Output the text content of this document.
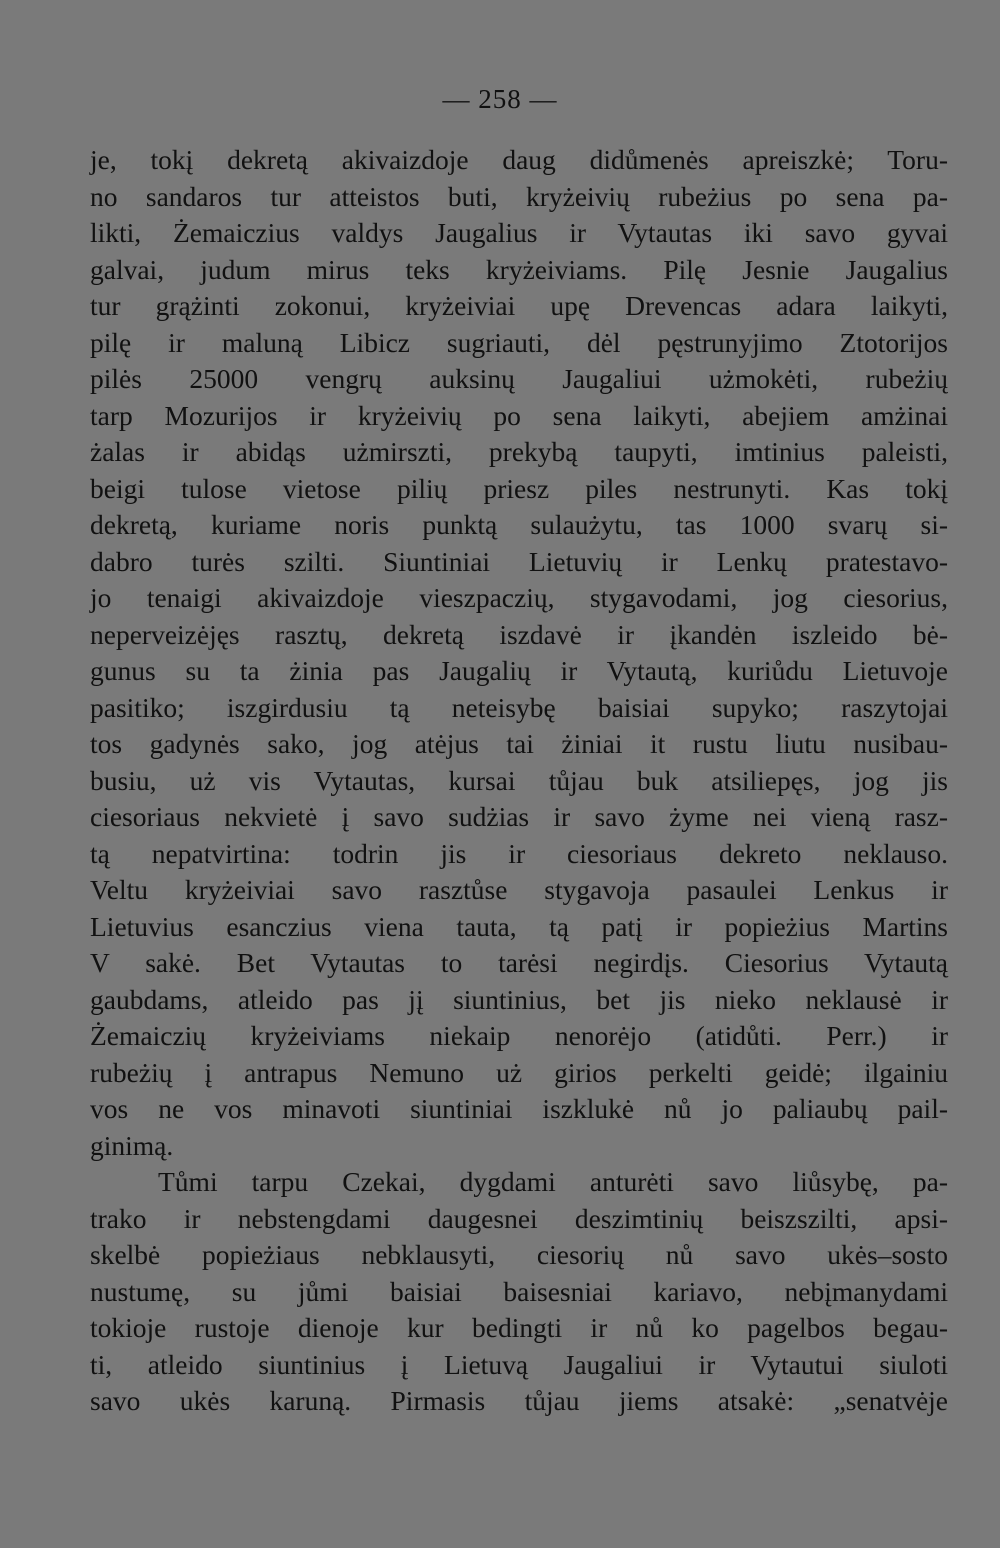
— 258 —
je, tokį dekretą akivaizdoje daug didůmenės apreiszkė; Toru-
no sandaros tur atteistos buti, kryżeivių rubeżius po sena pa-
likti, Żemaiczius valdys Jaugalius ir Vytautas iki savo gyvai
galvai, judum mirus teks kryżeiviams. Pilę Jesnie Jaugalius
tur grążinti zokonui, kryżeiviai upę Drevencas adara laikyti,
pilę ir maluną Libicz sugriauti, dėl pęstrunyjimo Ztotorijos
pilės 25000 vengrų auksinų Jaugaliui użmokėti, rubeżių
tarp Mozurijos ir kryżeivių po sena laikyti, abejiem amżinai
żalas ir abidąs użmirszti, prekybą taupyti, imtinius paleisti,
beigi tulose vietose pilių priesz piles nestrunyti. Kas tokį
dekretą, kuriame noris punktą sulaużytu, tas 1000 svarų si-
dabro turės szilti. Siuntiniai Lietuvių ir Lenkų pratestavo-
jo tenaigi akivaizdoje vieszpaczių, stygavodami, jog ciesorius,
neperveizėjęs rasztų, dekretą iszdavė ir įkandėn iszleido bė-
gunus su ta żinia pas Jaugalių ir Vytautą, kuriůdu Lietuvoje
pasitiko; iszgirdusiu tą neteisybę baisiai supyko; raszytojai
tos gadynės sako, jog atėjus tai żiniai it rustu liutu nusibau-
busiu, uż vis Vytautas, kursai tůjau buk atsiliepęs, jog jis
ciesoriaus nekvietė į savo sudżias ir savo żyme nei vieną rasz-
tą nepatvirtina: todrin jis ir ciesoriaus dekreto neklauso.
Veltu kryżeiviai savo rasztůse stygavoja pasaulei Lenkus ir
Lietuvius esanczius viena tauta, tą patį ir popieżius Martins
V sakė. Bet Vytautas to tarėsi negirdįs. Ciesorius Vytautą
gaubdams, atleido pas jį siuntinius, bet jis nieko neklausė ir
Żemaiczių kryżeiviams niekaip nenorėjo (atidůti. Perr.) ir
rubeżių į antrapus Nemuno uż girios perkelti geidė; ilgainiu
vos ne vos minavoti siuntiniai iszklukė nů jo paliaubų pail-
ginimą.
Tůmi tarpu Czekai, dygdami anturėti savo liůsybę, pa-
trako ir nebstengdami daugesnei deszimtinių beiszszilti, apsi-
skelbė popieżiaus nebklausyti, ciesorių nů savo ukės–sosto
nustumę, su jůmi baisiai baisesniai kariavo, nebįmanydami
tokioje rustoje dienoje kur bedingti ir nů ko pagelbos begau-
ti, atleido siuntinius į Lietuvą Jaugaliui ir Vytautui siuloti
savo ukės karuną. Pirmasis tůjau jiems atsakė: „senatvėje
